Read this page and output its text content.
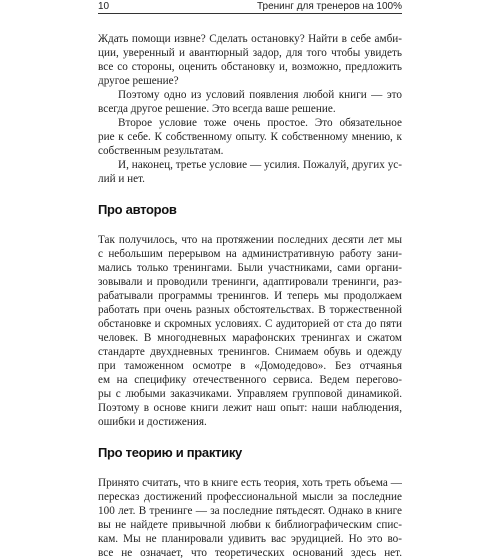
10	Тренинг для тренеров на 100%
Ждать помощи извне? Сделать остановку? Найти в себе амби-
ции, уверенный и авантюрный задор, для того чтобы увидеть
все со стороны, оценить обстановку и, возможно, предложить
другое решение?
Поэтому одно из условий появления любой книги — это
всегда другое решение. Это всегда ваше решение.
Второе условие тоже очень простое. Это обязательное
рие к себе. К собственному опыту. К собственному мнению, к
собственным результатам.
И, наконец, третье условие — усилия. Пожалуй, других ус-
лий и нет.
Про авторов
Так получилось, что на протяжении последних десяти лет мы
с небольшим перерывом на административную работу зани-
мались только тренингами. Были участниками, сами органи-
зовывали и проводили тренинги, адаптировали тренинги, раз-
рабатывали программы тренингов. И теперь мы продолжаем
работать при очень разных обстоятельствах. В торжественной
обстановке и скромных условиях. С аудиторией от ста до пяти
человек. В многодневных марафонских тренингах и сжатом
стандарте двухдневных тренингов. Снимаем обувь и одежду
при таможенном осмотре в «Домодедово». Без отчаянья
ем на специфику отечественного сервиса. Ведем перегово-
ры с любыми заказчиками. Управляем групповой динамикой.
Поэтому в основе книги лежит наш опыт: наши наблюдения,
ошибки и достижения.
Про теорию и практику
Принято считать, что в книге есть теория, хоть треть объема —
пересказ достижений профессиональной мысли за последние
100 лет. В тренинге — за последние пятьдесят. Однако в книге
вы не найдете привычной любви к библиографическим спис-
кам. Мы не планировали удивить вас эрудицией. Но это во-
все не означает, что теоретических оснований здесь нет.
